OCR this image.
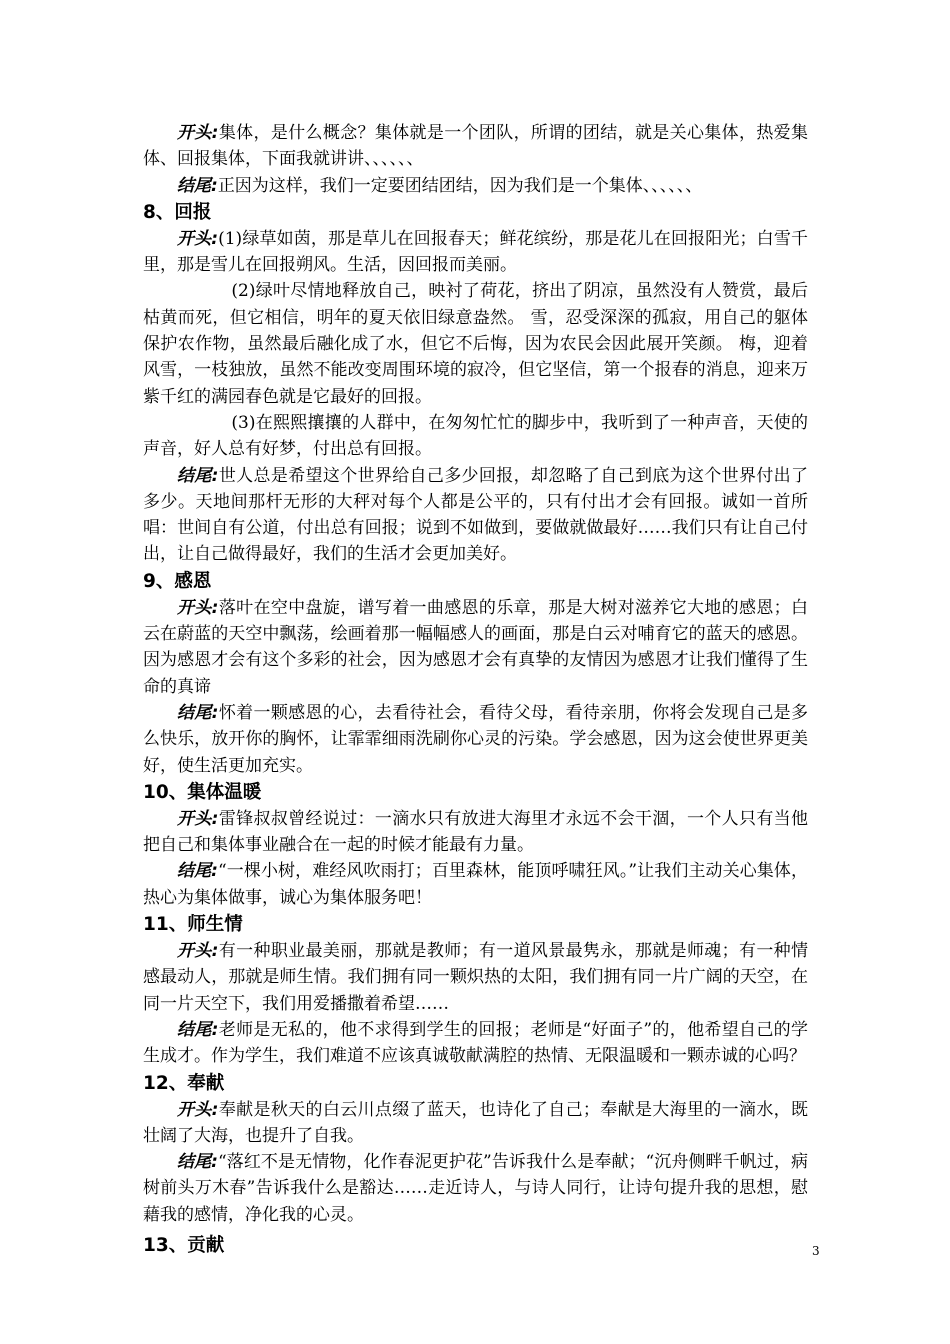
开头:集体，是什么概念？集体就是一个团队，所谓的团结，就是关心集体，热爱集体、回报集体，下面我就讲讲、、、、、、

结尾:正因为这样，我们一定要团结团结，因为我们是一个集体、、、、、、

8、回报

开头:(1)绿草如茵，那是草儿在回报春天；鲜花缤纷，那是花儿在回报阳光；白雪千里，那是雪儿在回报朔风。生活，因回报而美丽。

(2)绿叶尽情地释放自己，映衬了荷花，挤出了阴凉，虽然没有人赞赏，最后枯黄而死，但它相信，明年的夏天依旧绿意盎然。 雪，忍受深深的孤寂，用自己的躯体保护农作物，虽然最后融化成了水，但它不后悔，因为农民会因此展开笑颜。 梅，迎着风雪，一枝独放，虽然不能改变周围环境的寂冷，但它坚信，第一个报春的消息，迎来万紫千红的满园春色就是它最好的回报。

(3)在熙熙攘攘的人群中，在匆匆忙忙的脚步中，我听到了一种声音，天使的声音，好人总有好梦，付出总有回报。

结尾:世人总是希望这个世界给自己多少回报，却忽略了自己到底为这个世界付出了多少。天地间那杆无形的大秤对每个人都是公平的，只有付出才会有回报。诚如一首所唱：世间自有公道，付出总有回报；说到不如做到，要做就做最好……我们只有让自己付出，让自己做得最好，我们的生活才会更加美好。

9、感恩

开头:落叶在空中盘旋，谱写着一曲感恩的乐章，那是大树对滋养它大地的感恩；白云在蔚蓝的天空中飘荡，绘画着那一幅幅感人的画面，那是白云对哺育它的蓝天的感恩。因为感恩才会有这个多彩的社会，因为感恩才会有真挚的友情因为感恩才让我们懂得了生命的真谛

结尾:怀着一颗感恩的心，去看待社会，看待父母，看待亲朋，你将会发现自己是多么快乐，放开你的胸怀，让霏霏细雨洗刷你心灵的污染。学会感恩，因为这会使世界更美好，使生活更加充实。

10、集体温暖

开头:雷锋叔叔曾经说过：一滴水只有放进大海里才永远不会干涸，一个人只有当他把自己和集体事业融合在一起的时候才能最有力量。

结尾:“一棵小树，难经风吹雨打；百里森林，能顶呼啸狂风。”让我们主动关心集体，热心为集体做事，诚心为集体服务吧！

11、师生情

开头:有一种职业最美丽，那就是教师；有一道风景最隽永，那就是师魂；有一种情感最动人，那就是师生情。我们拥有同一颗炽热的太阳，我们拥有同一片广阔的天空，在同一片天空下，我们用爱播撒着希望……

结尾:老师是无私的，他不求得到学生的回报；老师是“好面子”的，他希望自己的学生成才。作为学生，我们难道不应该真诚敬献满腔的热情、无限温暖和一颗赤诚的心吗？

12、奉献

开头:奉献是秋天的白云川点缀了蓝天，也诗化了自己；奉献是大海里的一滴水，既壮阔了大海，也提升了自我。

结尾:“落红不是无情物，化作春泥更护花”告诉我什么是奉献；“沉舟侧畔千帆过，病树前头万木春”告诉我什么是豁达……走近诗人，与诗人同行，让诗句提升我的思想，慰藉我的感情，净化我的心灵。

13、贡献	3
